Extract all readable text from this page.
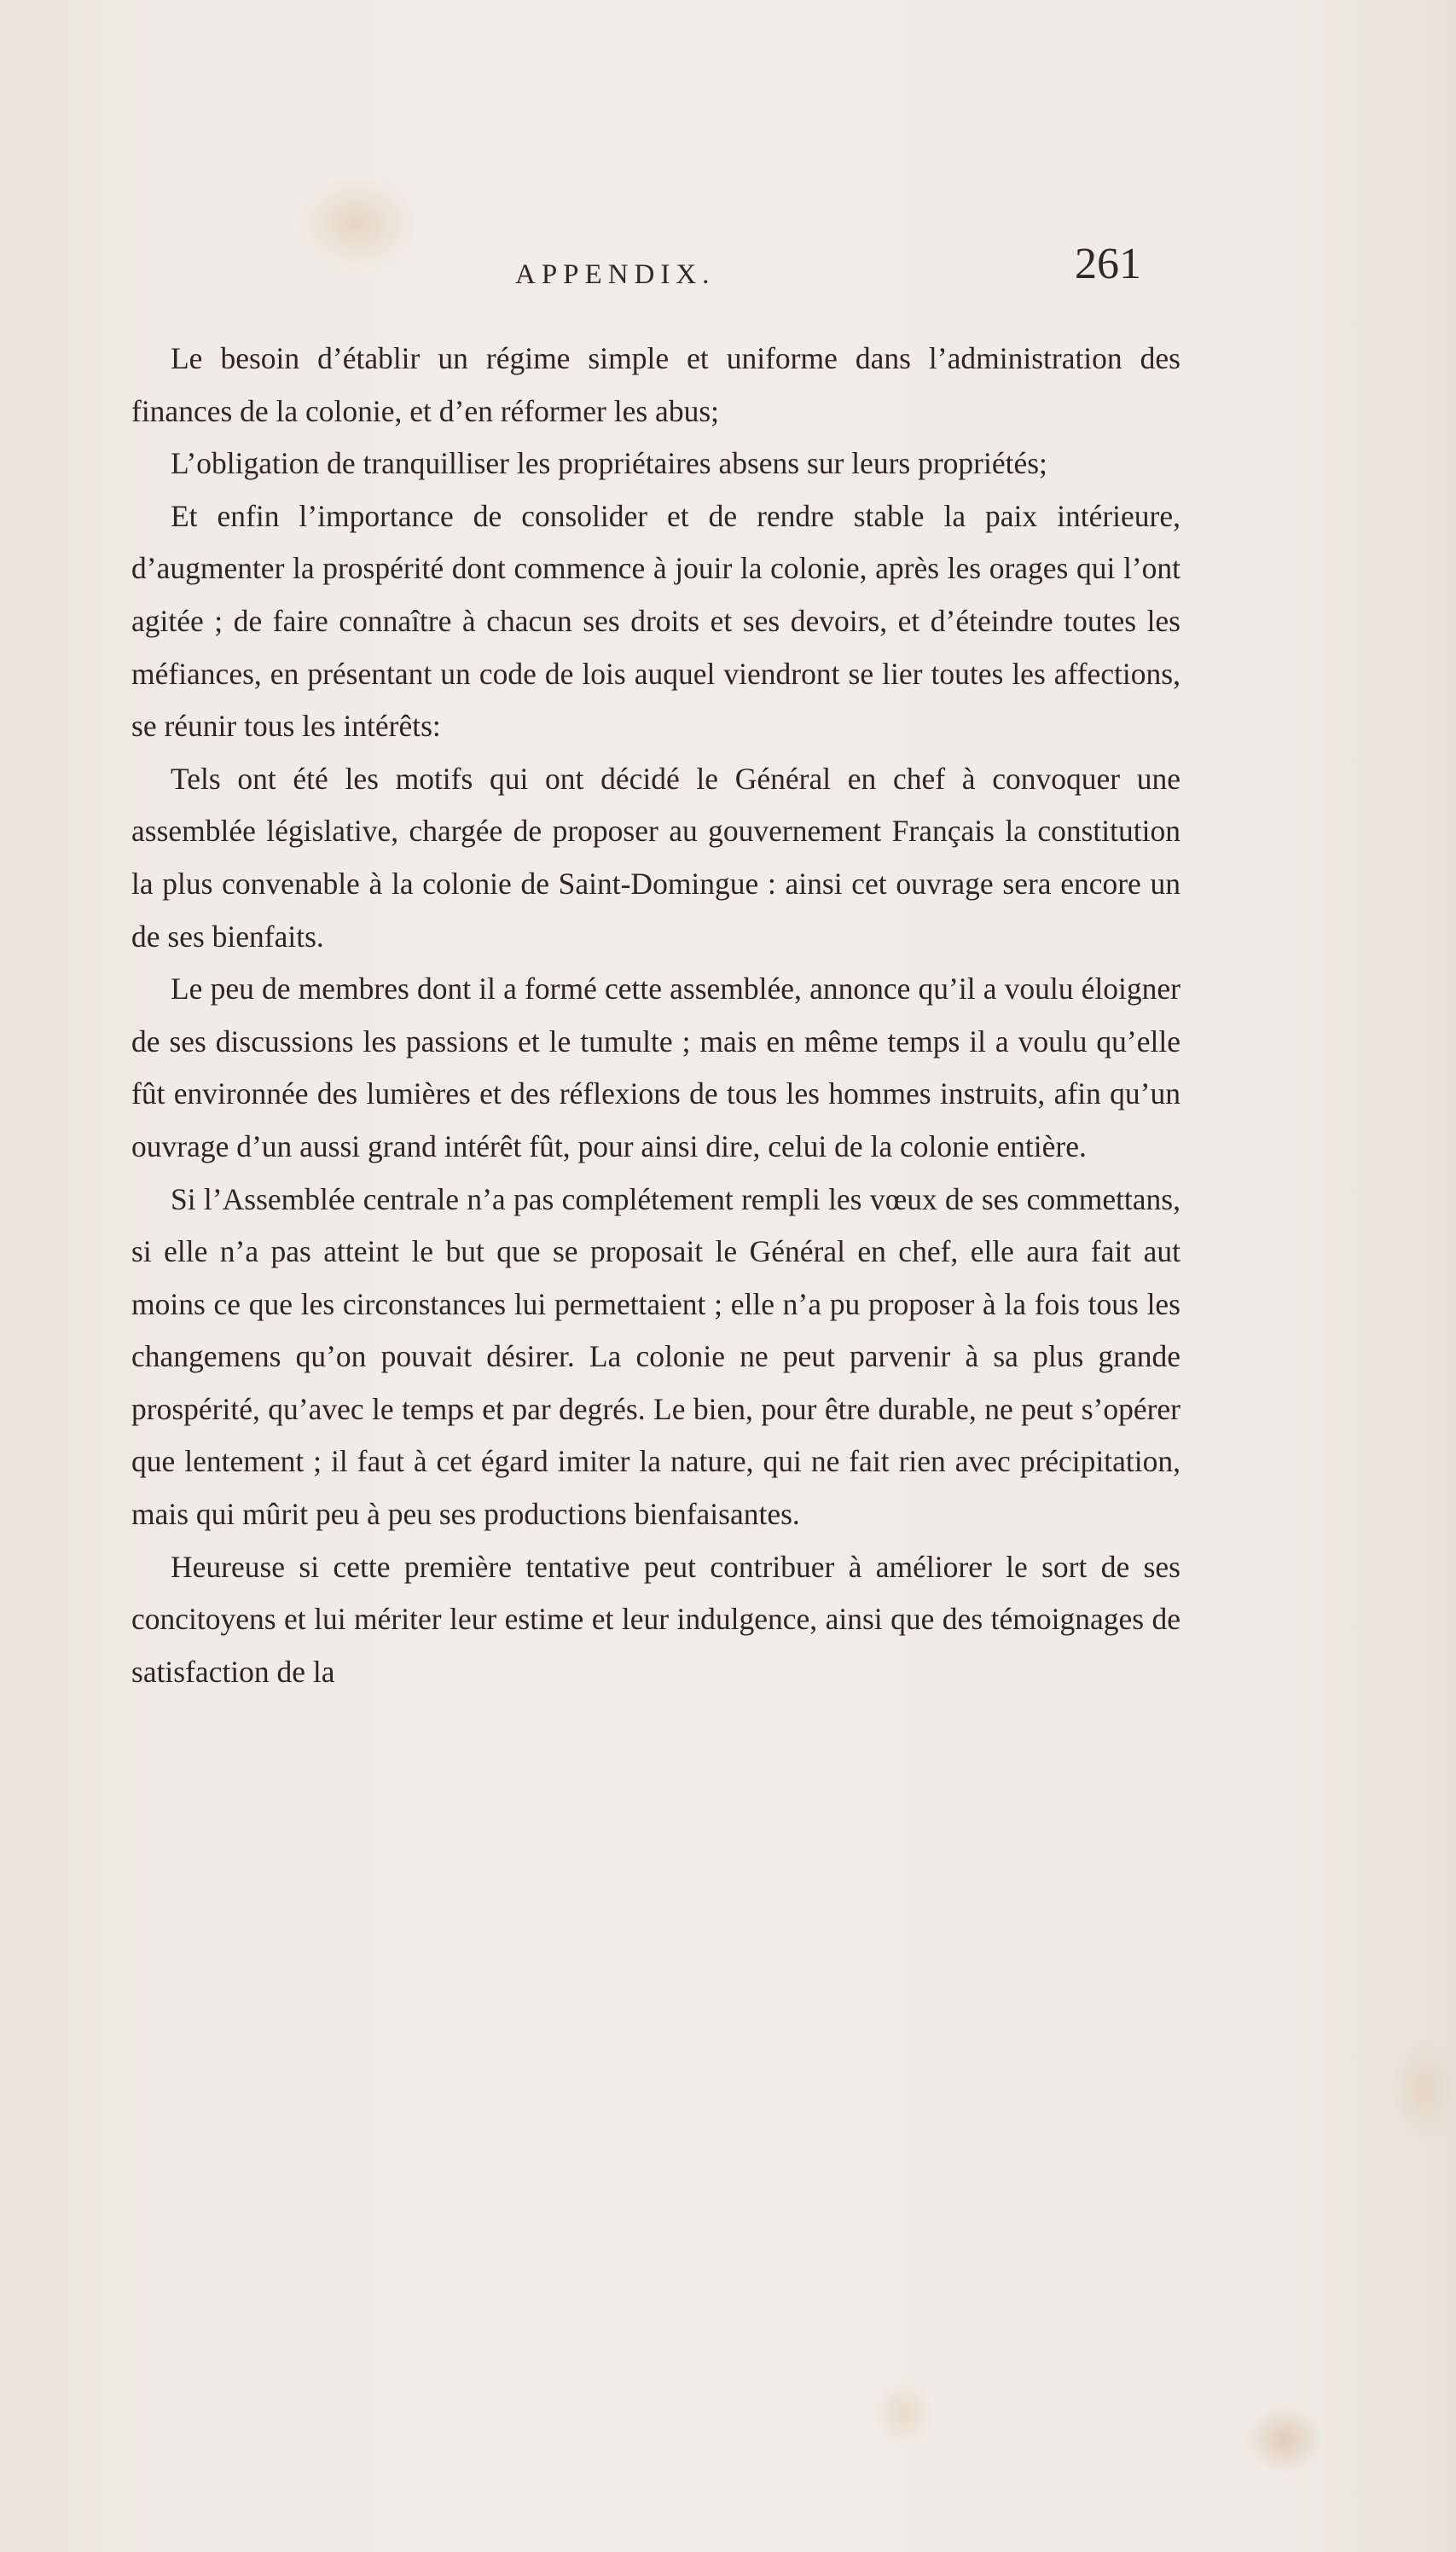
APPENDIX.	261

Le besoin d’établir un régime simple et uniforme dans l’administration des finances de la colonie, et d’en réformer les abus;

L’obligation de tranquilliser les propriétaires absens sur leurs propriétés;

Et enfin l’importance de consolider et de rendre stable la paix intérieure, d’augmenter la prospérité dont commence à jouir la colonie, après les orages qui l’ont agitée ; de faire connaître à chacun ses droits et ses devoirs, et d’éteindre toutes les méfiances, en présentant un code de lois auquel viendront se lier toutes les affections, se réunir tous les intérêts:

Tels ont été les motifs qui ont décidé le Général en chef à convoquer une assemblée législative, chargée de proposer au gouvernement Français la constitution la plus convenable à la colonie de Saint-Domingue : ainsi cet ouvrage sera encore un de ses bienfaits.

Le peu de membres dont il a formé cette assemblée, annonce qu’il a voulu éloigner de ses discussions les passions et le tumulte ; mais en même temps il a voulu qu’elle fût environnée des lumières et des réflexions de tous les hommes instruits, afin qu’un ouvrage d’un aussi grand intérêt fût, pour ainsi dire, celui de la colonie entière.

Si l’Assemblée centrale n’a pas complétement rempli les vœux de ses commettans, si elle n’a pas atteint le but que se proposait le Général en chef, elle aura fait aut moins ce que les circonstances lui permettaient ; elle n’a pu proposer à la fois tous les changemens qu’on pouvait désirer. La colonie ne peut parvenir à sa plus grande prospérité, qu’avec le temps et par degrés. Le bien, pour être durable, ne peut s’opérer que lentement ; il faut à cet égard imiter la nature, qui ne fait rien avec précipitation, mais qui mûrit peu à peu ses productions bienfaisantes.

Heureuse si cette première tentative peut contribuer à améliorer le sort de ses concitoyens et lui mériter leur estime et leur indulgence, ainsi que des témoignages de satisfaction de la
